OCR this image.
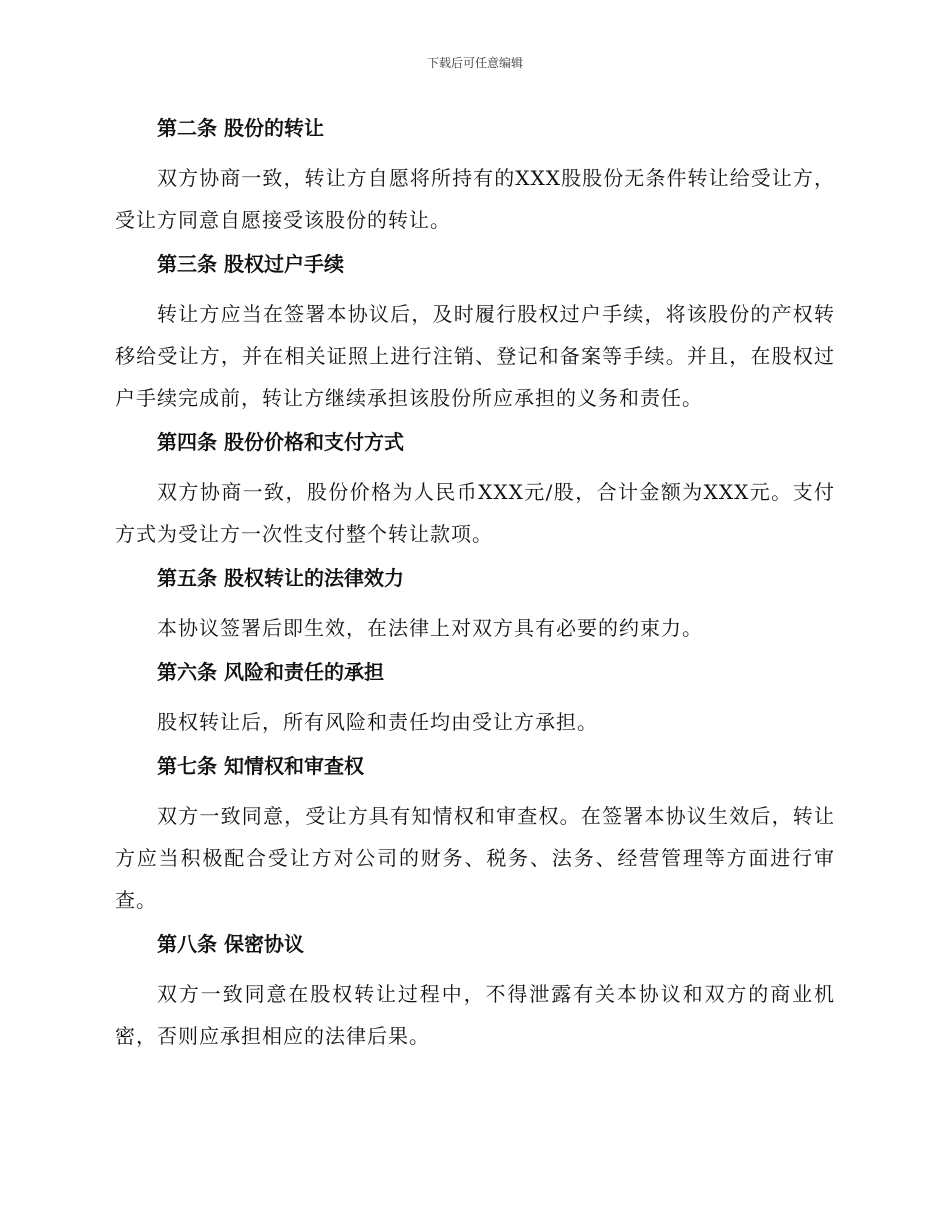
下载后可任意编辑
第二条 股份的转让

双方协商一致，转让方自愿将所持有的XXX股股份无条件转让给受让方，受让方同意自愿接受该股份的转让。

第三条 股权过户手续

转让方应当在签署本协议后，及时履行股权过户手续，将该股份的产权转移给受让方，并在相关证照上进行注销、登记和备案等手续。并且，在股权过户手续完成前，转让方继续承担该股份所应承担的义务和责任。

第四条 股份价格和支付方式

双方协商一致，股份价格为人民币XXX元/股，合计金额为XXX元。支付方式为受让方一次性支付整个转让款项。

第五条 股权转让的法律效力

本协议签署后即生效，在法律上对双方具有必要的约束力。

第六条 风险和责任的承担

股权转让后，所有风险和责任均由受让方承担。

第七条 知情权和审查权

双方一致同意，受让方具有知情权和审查权。在签署本协议生效后，转让方应当积极配合受让方对公司的财务、税务、法务、经营管理等方面进行审查。

第八条 保密协议

双方一致同意在股权转让过程中，不得泄露有关本协议和双方的商业机密，否则应承担相应的法律后果。
